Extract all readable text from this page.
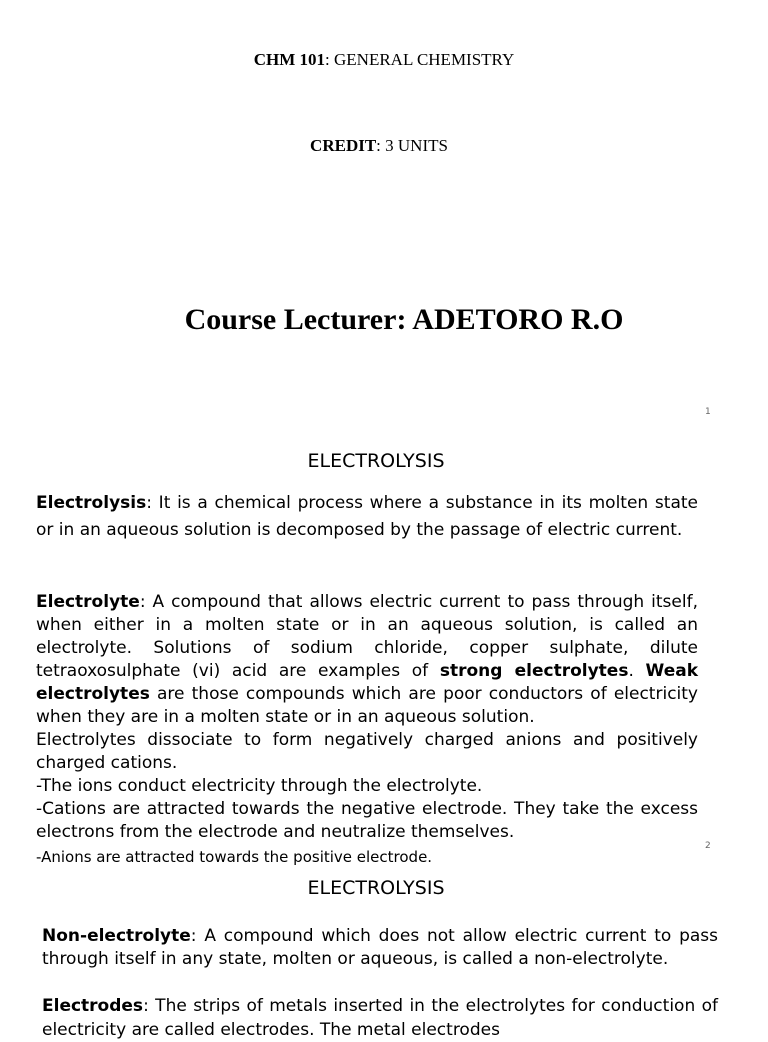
CHM 101: GENERAL CHEMISTRY
CREDIT: 3 UNITS
Course Lecturer: ADETORO R.O
1
ELECTROLYSIS
Electrolysis: It is a chemical process where a substance in its molten state or in an aqueous solution is decomposed by the passage of electric current.
Electrolyte: A compound that allows electric current to pass through itself, when either in a molten state or in an aqueous solution, is called an electrolyte. Solutions of sodium chloride, copper sulphate, dilute tetraoxosulphate (vi) acid are examples of strong electrolytes. Weak electrolytes are those compounds which are poor conductors of electricity when they are in a molten state or in an aqueous solution.
Electrolytes dissociate to form negatively charged anions and positively charged cations.
-The ions conduct electricity through the electrolyte.
-Cations are attracted towards the negative electrode. They take the excess electrons from the electrode and neutralize themselves.
-Anions are attracted towards the positive electrode.
2
ELECTROLYSIS
Non-electrolyte: A compound which does not allow electric current to pass through itself in any state, molten or aqueous, is called a non-electrolyte.
Electrodes: The strips of metals inserted in the electrolytes for conduction of electricity are called electrodes. The metal electrodes
